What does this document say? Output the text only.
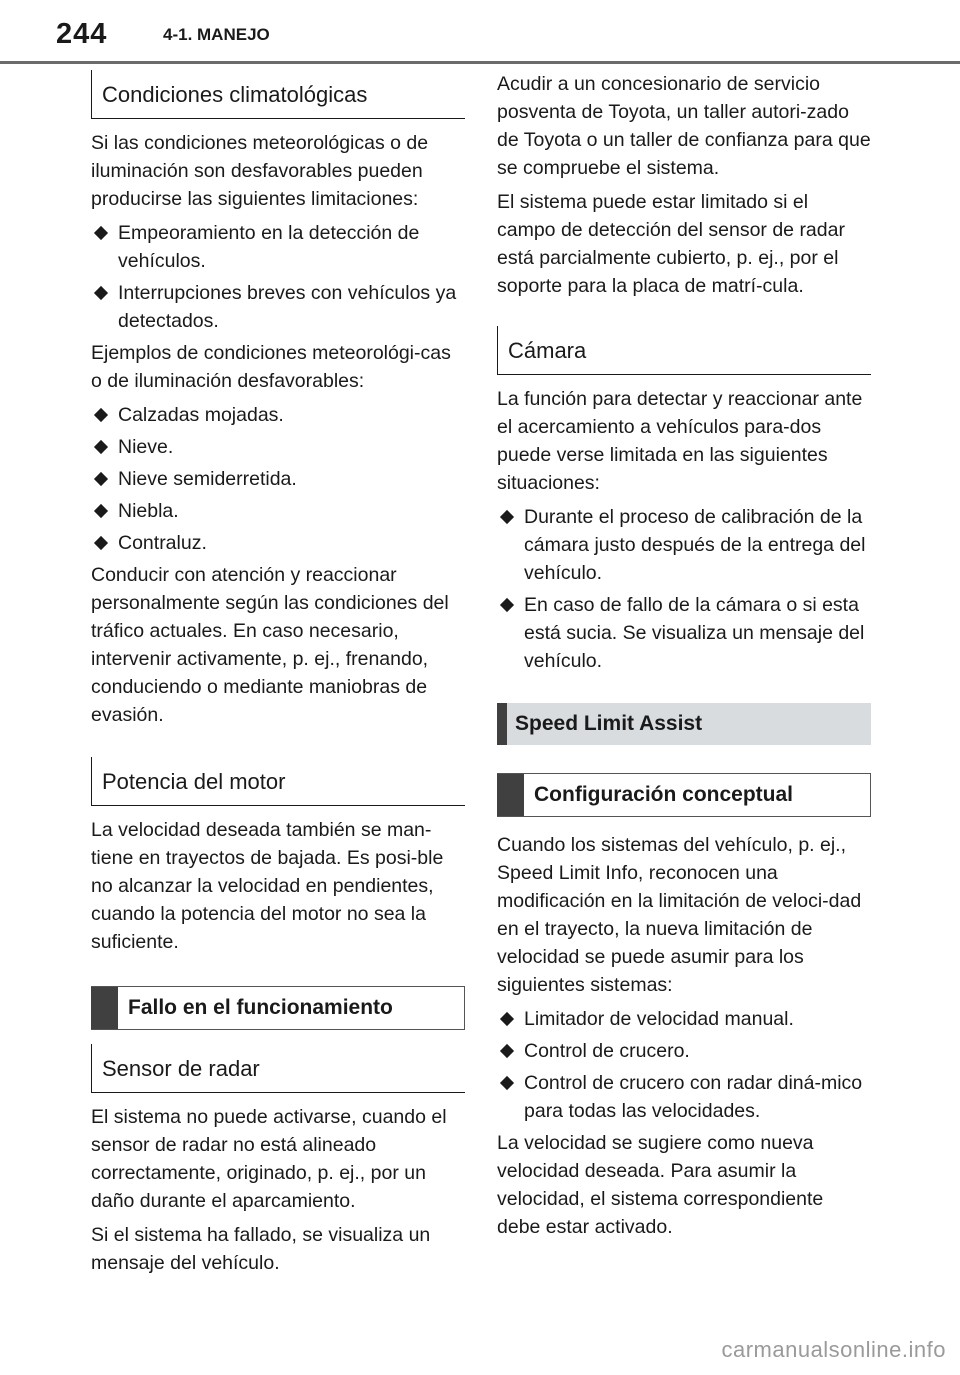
244	4-1. MANEJO
Condiciones climatológicas

Si las condiciones meteorológicas o de iluminación son desfavorables pueden producirse las siguientes limitaciones:

Empeoramiento en la detección de vehículos.
Interrupciones breves con vehículos ya detectados.

Ejemplos de condiciones meteorológi-cas o de iluminación desfavorables:

Calzadas mojadas.
Nieve.
Nieve semiderretida.
Niebla.
Contraluz.

Conducir con atención y reaccionar personalmente según las condiciones del tráfico actuales. En caso necesario, intervenir activamente, p. ej., frenando, conduciendo o mediante maniobras de evasión.

Potencia del motor

La velocidad deseada también se man-tiene en trayectos de bajada. Es posi-ble no alcanzar la velocidad en pendientes, cuando la potencia del motor no sea la suficiente.

Fallo en el funcionamiento
Sensor de radar

El sistema no puede activarse, cuando el sensor de radar no está alineado correctamente, originado, p. ej., por un daño durante el aparcamiento.

Si el sistema ha fallado, se visualiza un mensaje del vehículo.

Acudir a un concesionario de servicio posventa de Toyota, un taller autori-zado de Toyota o un taller de confianza para que se compruebe el sistema.

El sistema puede estar limitado si el campo de detección del sensor de radar está parcialmente cubierto, p. ej., por el soporte para la placa de matrí-cula.

Cámara

La función para detectar y reaccionar ante el acercamiento a vehículos para-dos puede verse limitada en las siguientes situaciones:

Durante el proceso de calibración de la cámara justo después de la entrega del vehículo.
En caso de fallo de la cámara o si esta está sucia. Se visualiza un mensaje del vehículo.
Speed Limit Assist
Configuración conceptual

Cuando los sistemas del vehículo, p. ej., Speed Limit Info, reconocen una modificación en la limitación de veloci-dad en el trayecto, la nueva limitación de velocidad se puede asumir para los siguientes sistemas:

Limitador de velocidad manual.
Control de crucero.
Control de crucero con radar diná-mico para todas las velocidades.

La velocidad se sugiere como nueva velocidad deseada. Para asumir la velocidad, el sistema correspondiente debe estar activado.

carmanualsonline.info
